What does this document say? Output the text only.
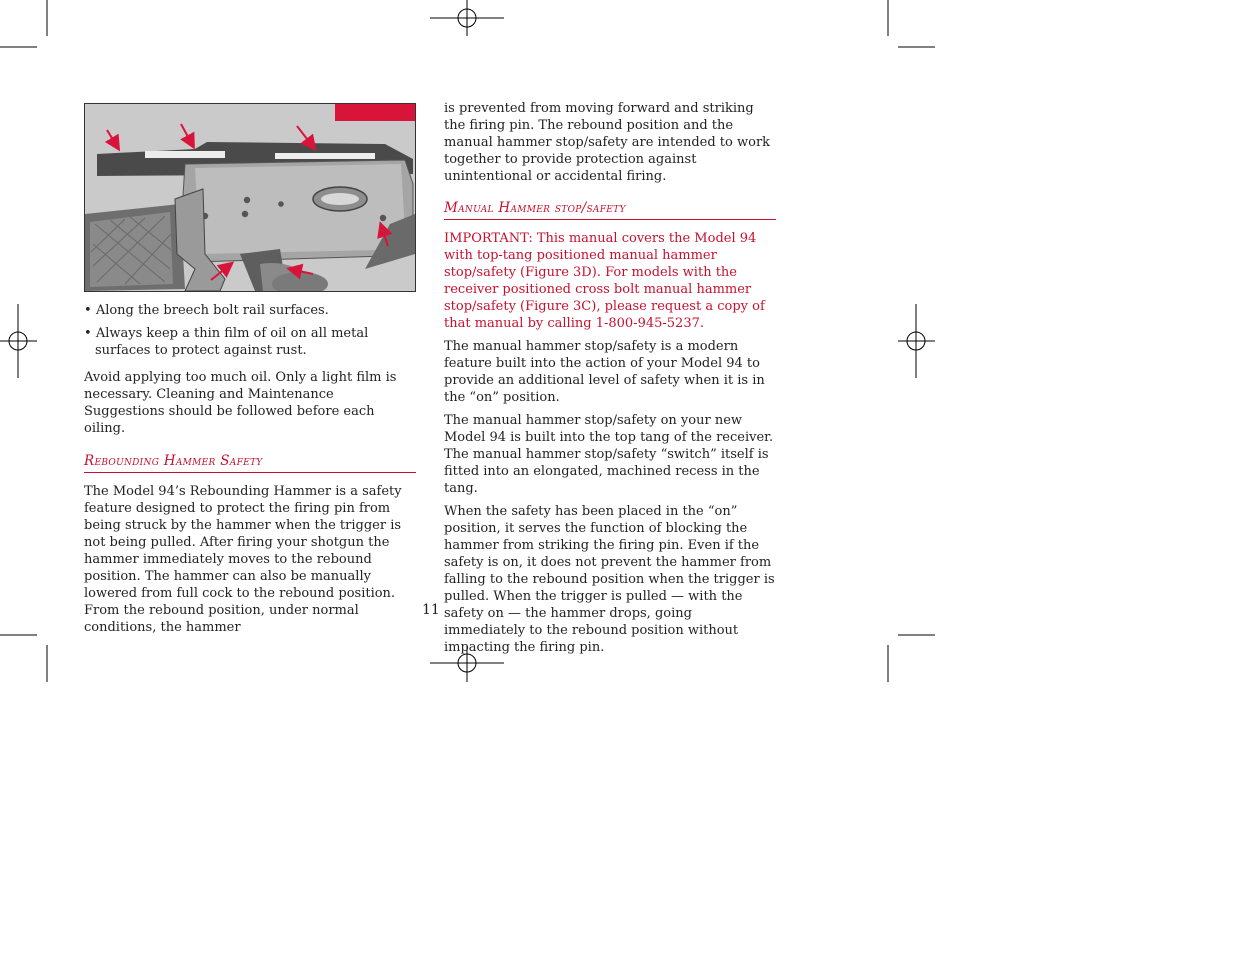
• Along the breech bolt rail surfaces.
• Always keep a thin film of oil on all metal surfaces to protect against rust.

Avoid applying too much oil. Only a light film is necessary. Cleaning and Maintenance Suggestions should be followed before each oiling.

Rebounding Hammer Safety

The Model 94’s Rebounding Hammer is a safety feature designed to protect the firing pin from being struck by the hammer when the trigger is not being pulled. After firing your shotgun the hammer immediately moves to the rebound position. The hammer can also be manually lowered from full cock to the rebound position. From the rebound position, under normal conditions, the hammer

is prevented from moving forward and striking the firing pin. The rebound position and the manual hammer stop/safety are intended to work together to provide protection against unintentional or accidental firing.

Manual Hammer stop/safety

IMPORTANT: This manual covers the Model 94 with top-tang positioned manual hammer stop/safety (Figure 3D). For models with the receiver positioned cross bolt manual hammer stop/safety (Figure 3C), please request a copy of that manual by calling 1-800-945-5237.

The manual hammer stop/safety is a modern feature built into the action of your Model 94 to provide an additional level of safety when it is in the “on” position.

The manual hammer stop/safety on your new Model 94 is built into the top tang of the receiver. The manual hammer stop/safety “switch” itself is fitted into an elongated, machined recess in the tang.

When the safety has been placed in the “on” position, it serves the function of blocking the hammer from striking the firing pin. Even if the safety is on, it does not prevent the hammer from falling to the rebound position when the trigger is pulled. When the trigger is pulled — with the safety on — the hammer drops, going immediately to the rebound position without impacting the firing pin.

11
